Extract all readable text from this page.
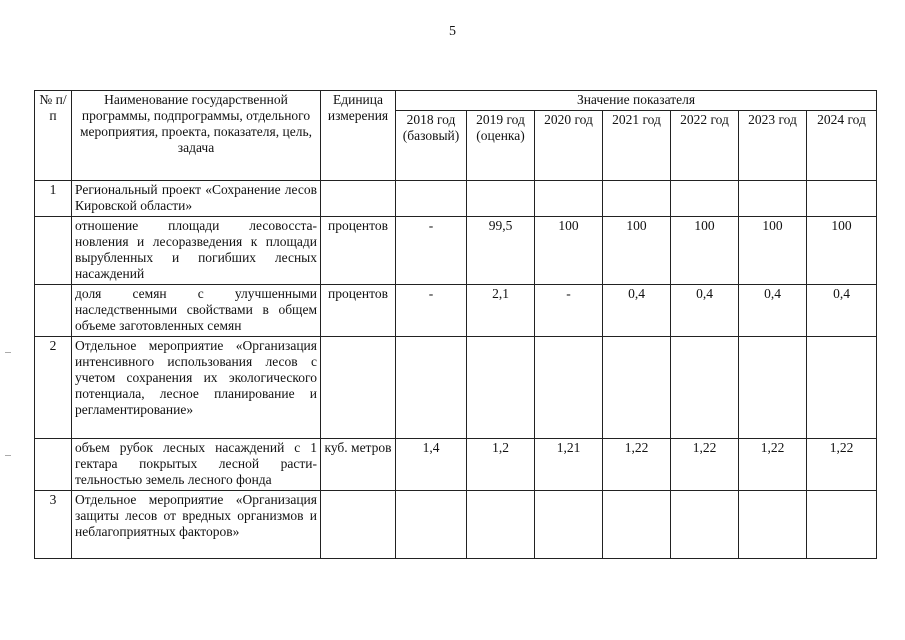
5
№ п/п	Наименование государственной программы, подпрограммы, отдельного мероприятия, проекта, показателя, цель, задача	Единица измерения	Значение показателя						
			2018 год (базовый)	2019 год (оценка)	2020 год	2021 год	2022 год	2023 год	2024 год
1	Региональный проект «Сохранение лесов Кировской области»								
	отношение площади лесовосста-новления и лесоразведения к площади вырубленных и погибших лесных насаждений	процентов	-	99,5	100	100	100	100	100
	доля семян с улучшенными наследственными свойствами в общем объеме заготовленных семян	процентов	-	2,1	-	0,4	0,4	0,4	0,4
2	Отдельное мероприятие «Организация интенсивного использования лесов с учетом сохранения их экологического потенциала, лесное планирование и регламентирование»								
	объем рубок лесных насаждений с 1 гектара покрытых лесной расти-тельностью земель лесного фонда	куб. метров	1,4	1,2	1,21	1,22	1,22	1,22	1,22
3	Отдельное мероприятие «Организация защиты лесов от вредных организмов и неблагоприятных факторов»								
